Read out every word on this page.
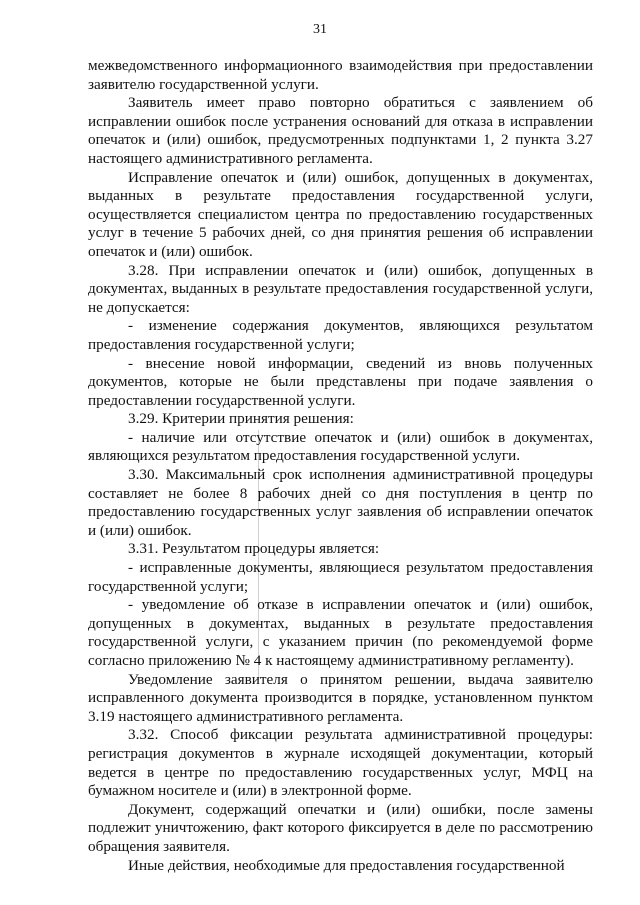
31

межведомственного информационного взаимодействия при предоставлении заявителю государственной услуги.

Заявитель имеет право повторно обратиться с заявлением об исправлении ошибок после устранения оснований для отказа в исправлении опечаток и (или) ошибок, предусмотренных подпунктами 1, 2 пункта 3.27 настоящего административного регламента.

Исправление опечаток и (или) ошибок, допущенных в документах, выданных в результате предоставления государственной услуги, осуществляется специалистом центра по предоставлению государственных услуг в течение 5 рабочих дней, со дня принятия решения об исправлении опечаток и (или) ошибок.

3.28. При исправлении опечаток и (или) ошибок, допущенных в документах, выданных в результате предоставления государственной услуги, не допускается:

- изменение содержания документов, являющихся результатом предоставления государственной услуги;

- внесение новой информации, сведений из вновь полученных документов, которые не были представлены при подаче заявления о предоставлении государственной услуги.

3.29. Критерии принятия решения:

- наличие или отсутствие опечаток и (или) ошибок в документах, являющихся результатом предоставления государственной услуги.

3.30. Максимальный срок исполнения административной процедуры составляет не более 8 рабочих дней со дня поступления в центр по предоставлению государственных услуг заявления об исправлении опечаток и (или) ошибок.

3.31. Результатом процедуры является:

- исправленные документы, являющиеся результатом предоставления государственной услуги;

- уведомление об отказе в исправлении опечаток и (или) ошибок, допущенных в документах, выданных в результате предоставления государственной услуги, с указанием причин (по рекомендуемой форме согласно приложению № 4 к настоящему административному регламенту).

Уведомление заявителя о принятом решении, выдача заявителю исправленного документа производится в порядке, установленном пунктом 3.19 настоящего административного регламента.

3.32. Способ фиксации результата административной процедуры: регистрация документов в журнале исходящей документации, который ведется в центре по предоставлению государственных услуг, МФЦ на бумажном носителе и (или) в электронной форме.

Документ, содержащий опечатки и (или) ошибки, после замены подлежит уничтожению, факт которого фиксируется в деле по рассмотрению обращения заявителя.

Иные действия, необходимые для предоставления государственной
